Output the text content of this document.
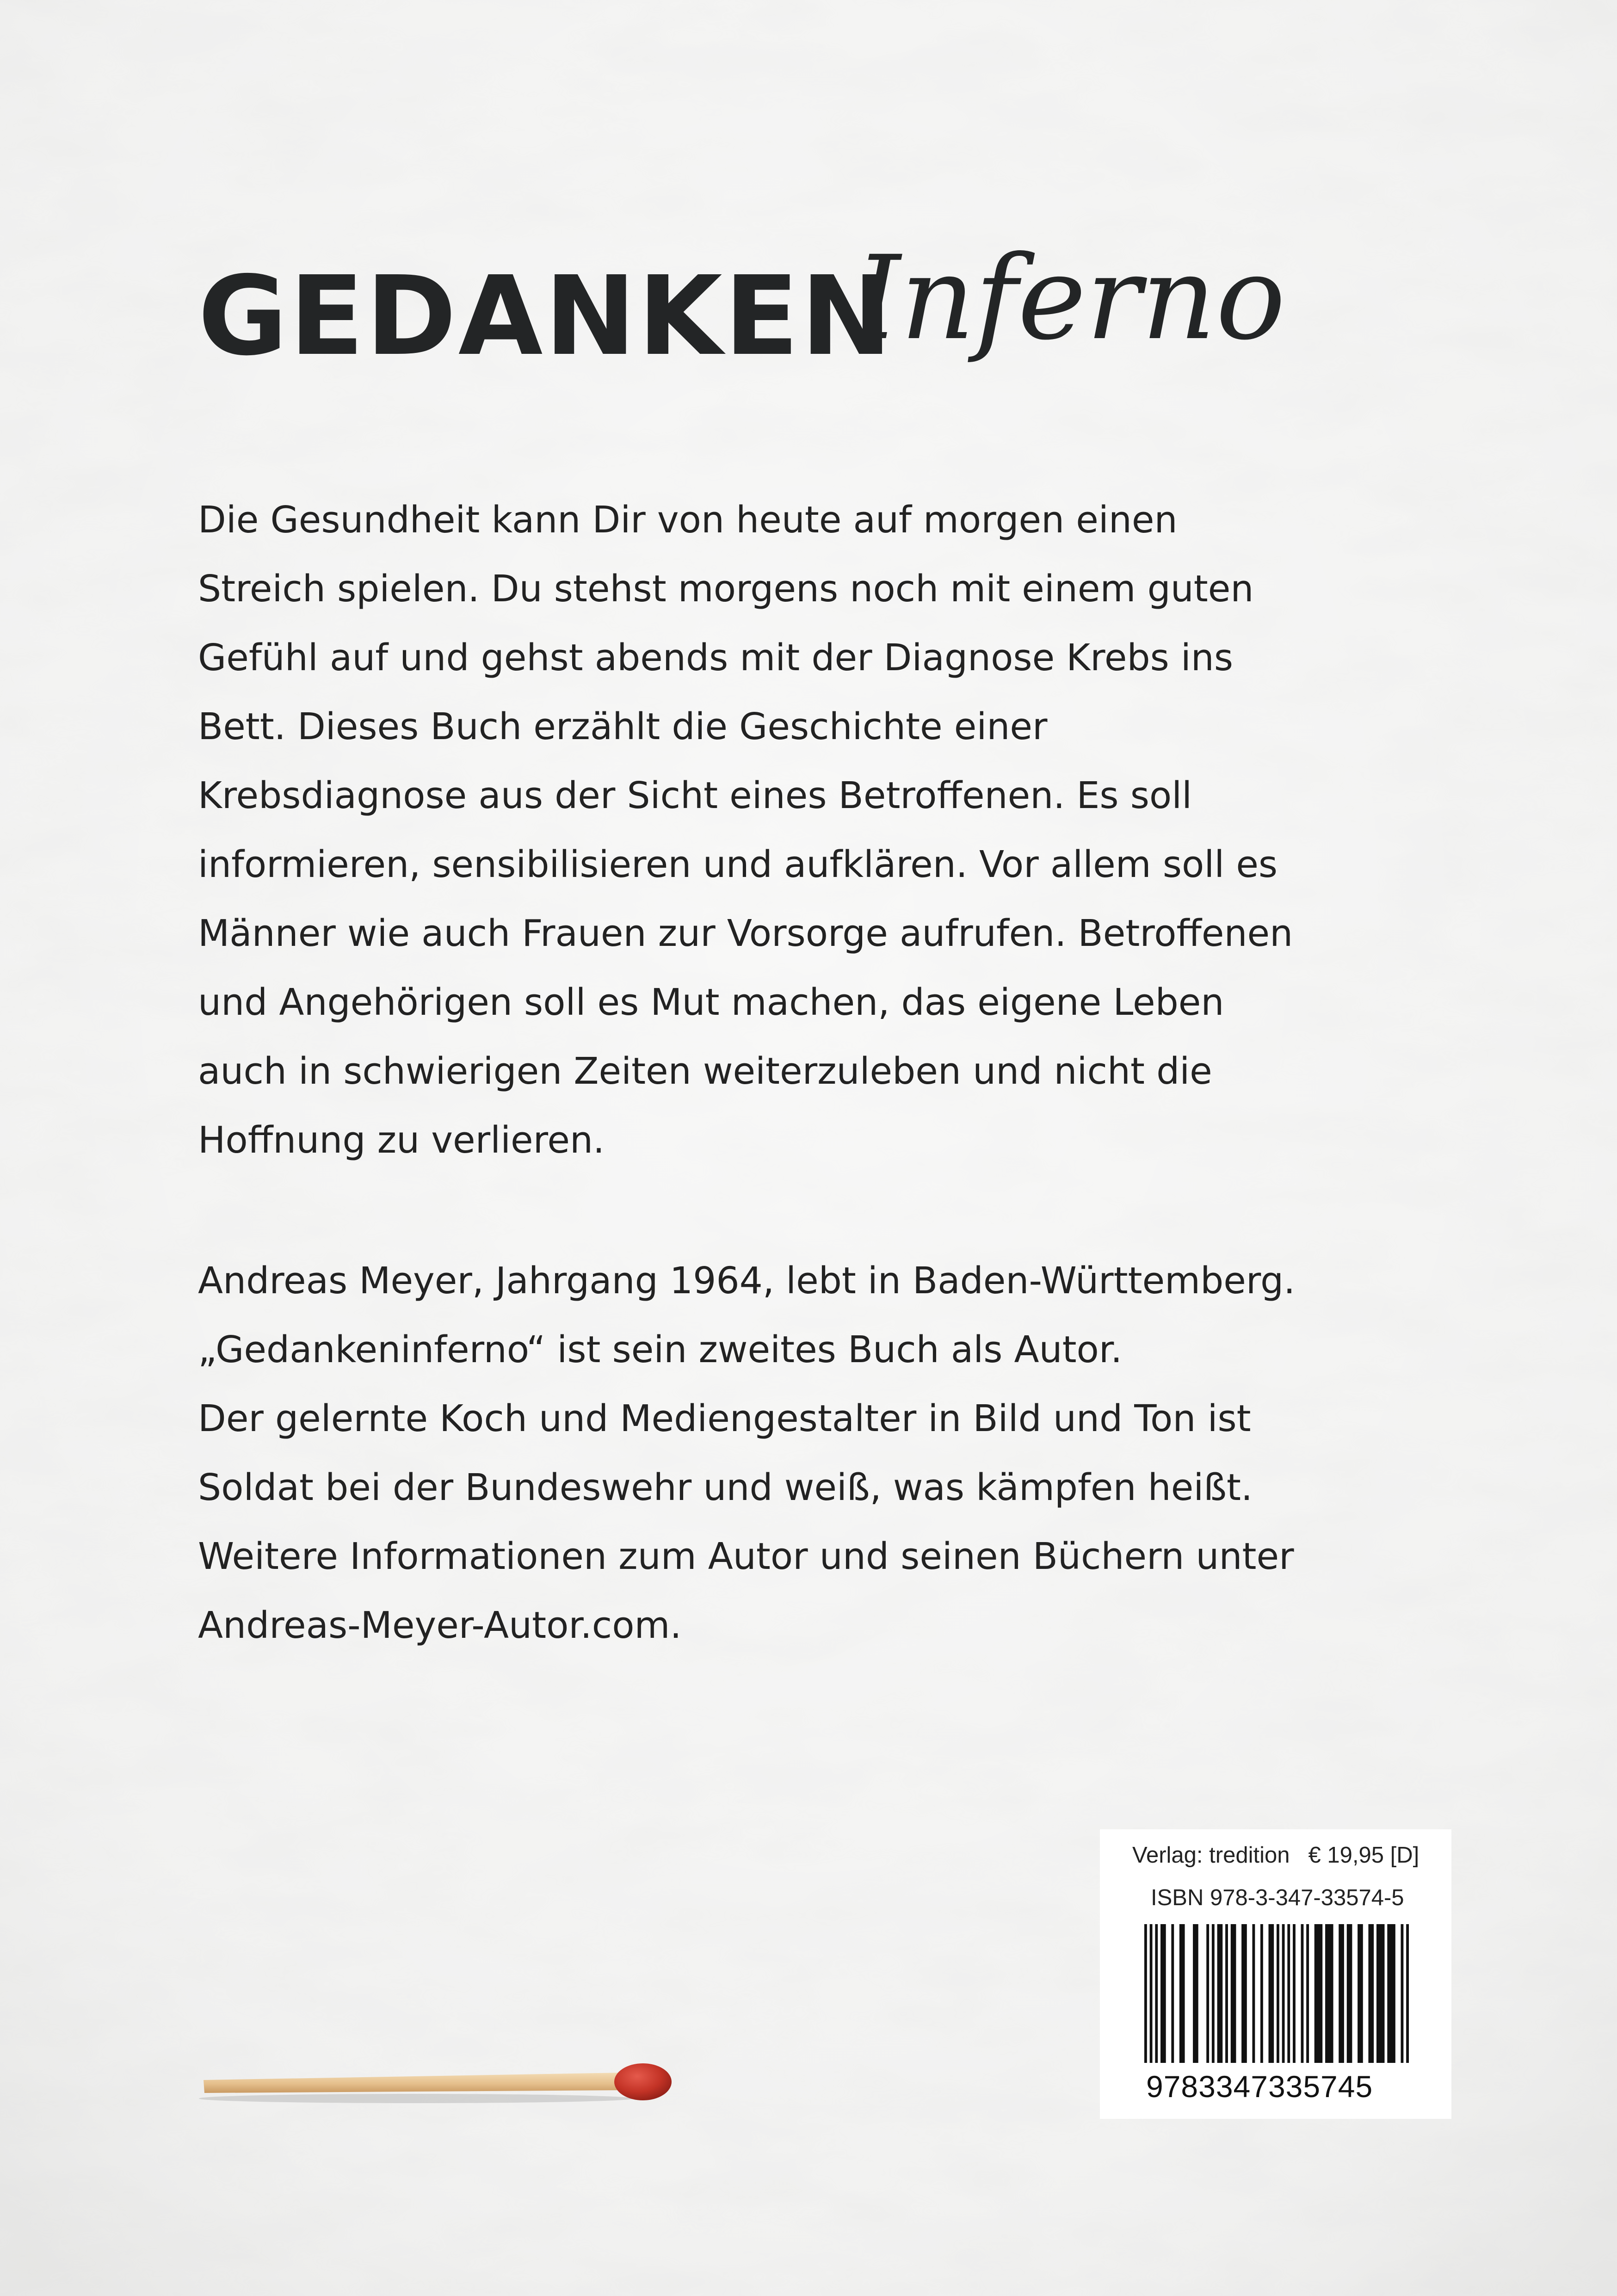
GEDANKEN
Inferno
Die Gesundheit kann Dir von heute auf morgen einen
Streich spielen. Du stehst morgens noch mit einem guten
Gefühl auf und gehst abends mit der Diagnose Krebs ins
Bett. Dieses Buch erzählt die Geschichte einer
Krebsdiagnose aus der Sicht eines Betroffenen. Es soll
informieren, sensibilisieren und aufklären. Vor allem soll es
Männer wie auch Frauen zur Vorsorge aufrufen. Betroffenen
und Angehörigen soll es Mut machen, das eigene Leben
auch in schwierigen Zeiten weiterzuleben und nicht die
Hoffnung zu verlieren.
Andreas Meyer, Jahrgang 1964, lebt in Baden-Württemberg.
„Gedankeninferno“ ist sein zweites Buch als Autor.
Der gelernte Koch und Mediengestalter in Bild und Ton ist
Soldat bei der Bundeswehr und weiß, was kämpfen heißt.
Weitere Informationen zum Autor und seinen Büchern unter
Andreas-Meyer-Autor.com.
Verlag: tredition € 19,95 [D]
ISBN 978-3-347-33574-5
9783347335745
